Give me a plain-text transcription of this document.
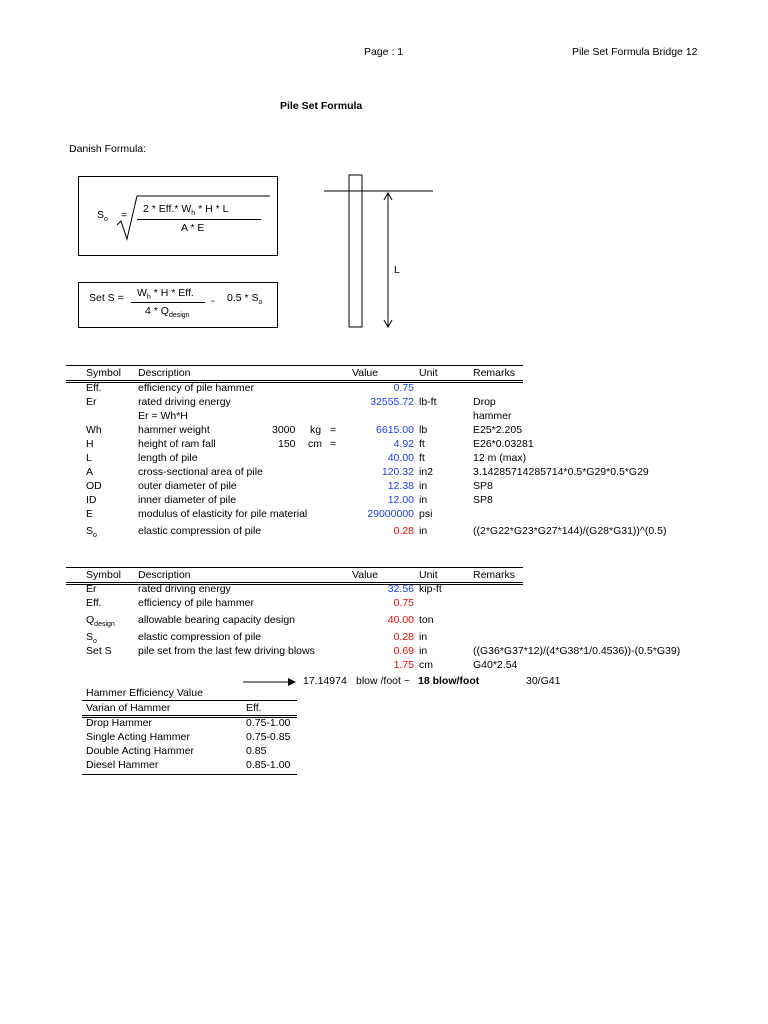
Page : 1	Pile Set Formula Bridge 12
Pile Set Formula
Danish Formula:
$S_o = 2 * Eff.*$ $W_h$ * H * L
A * E
Set $S = W_h * H$ * Eff.
$4 * Q_{design}$
- $0.5 * S_o$
L
Symbol Description	Value	Unit	Remarks
Eff.	efficiency of pile hammer	0.75
Er	rated driving energy	32555.72 lb-ft	Drop
Er = Wh*H	hammer
Wh	hammer weight	3000 kg =	6615.00 lb	E25*2.205
H	height of ram fall	150 cm =	4.92 ft	E26*0.03281
L	length of pile	40.00 ft	12 m (max)
A	cross-sectional area of pile	120.32 in2	3.14285714285714*0.5*G29*0.5*G29
OD	outer diameter of pile	12.38 in	SP8
ID	inner diameter of pile	12.00 in	SP8
E	modulus of elasticity for pile material	29000000 psi
$S_o$	elastic compression of pile	0.28 in	((2*G22*G23*G27*144)/(G28*G31))^(0.5)
Symbol Description	Value	Unit	Remarks
Er	rated driving energy	32.56 kip-ft
Eff.	efficiency of pile hammer	0.75
$Q_{design}$ allowable bearing capacity design	40.00 ton
$S_o$	elastic compression of pile	0.28 in
Set S	pile set from the last few driving blows	0.69 in	((G36*G37*12)/(4*G38*1/0.4536))-(0.5*G39)
1.75 cm	G40*2.54
17.14974 blow /foot ~ 18 blow/foot	30/G41
Hammer Efficiency Value
Varian of Hammer	Eff.
Drop Hammer	0.75-1.00
Single Acting Hammer	0.75-0.85
Double Acting Hammer	0.85
Diesel Hammer	0.85-1.00
